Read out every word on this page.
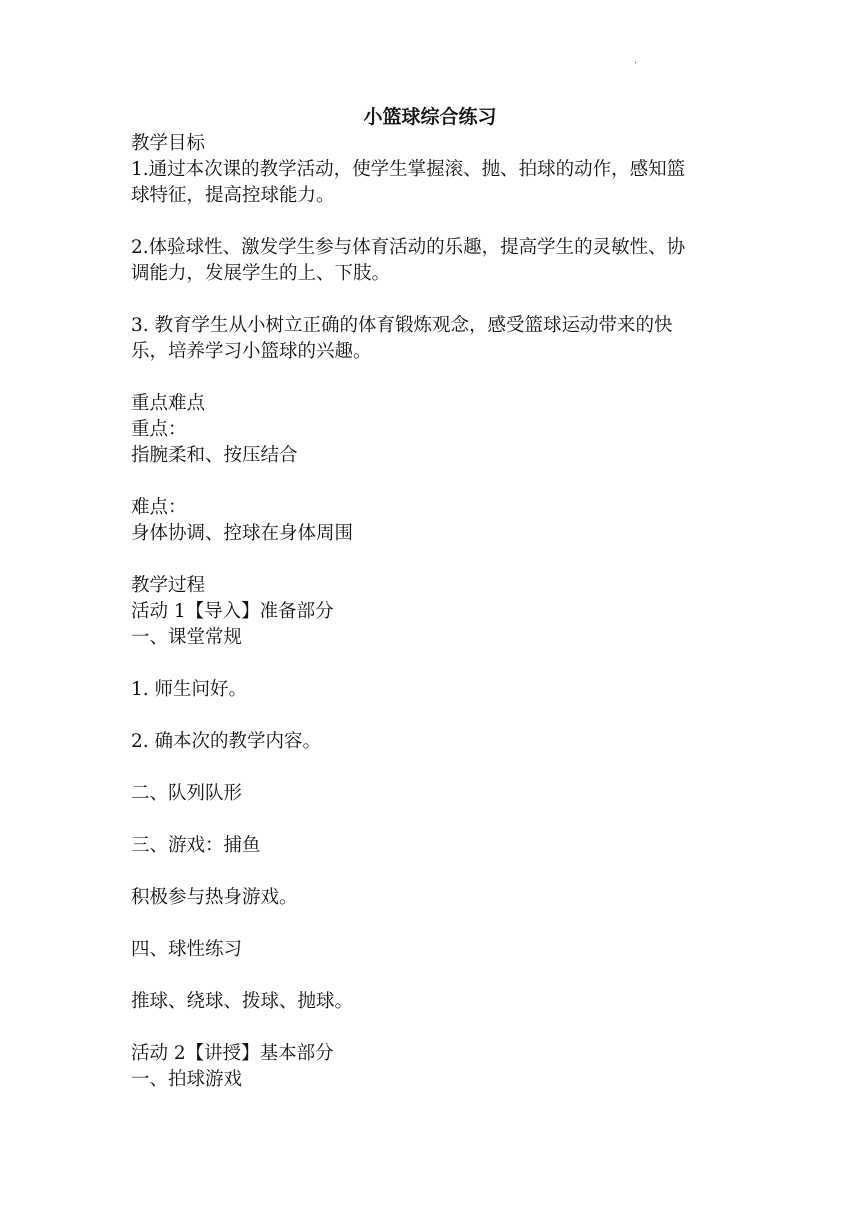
.
小篮球综合练习

教学目标

1.通过本次课的教学活动，使学生掌握滚、抛、拍球的动作，感知篮

球特征，提高控球能力。

2.体验球性、激发学生参与体育活动的乐趣，提高学生的灵敏性、协

调能力，发展学生的上、下肢。

3. 教育学生从小树立正确的体育锻炼观念，感受篮球运动带来的快

乐，培养学习小篮球的兴趣。

重点难点

重点：

指腕柔和、按压结合

难点：

身体协调、控球在身体周围

教学过程

活动 1【导入】准备部分

一、课堂常规

1. 师生问好。

2. 确本次的教学内容。

二、队列队形

三、游戏：捕鱼

积极参与热身游戏。

四、球性练习

推球、绕球、拨球、抛球。

活动 2【讲授】基本部分

一、拍球游戏
